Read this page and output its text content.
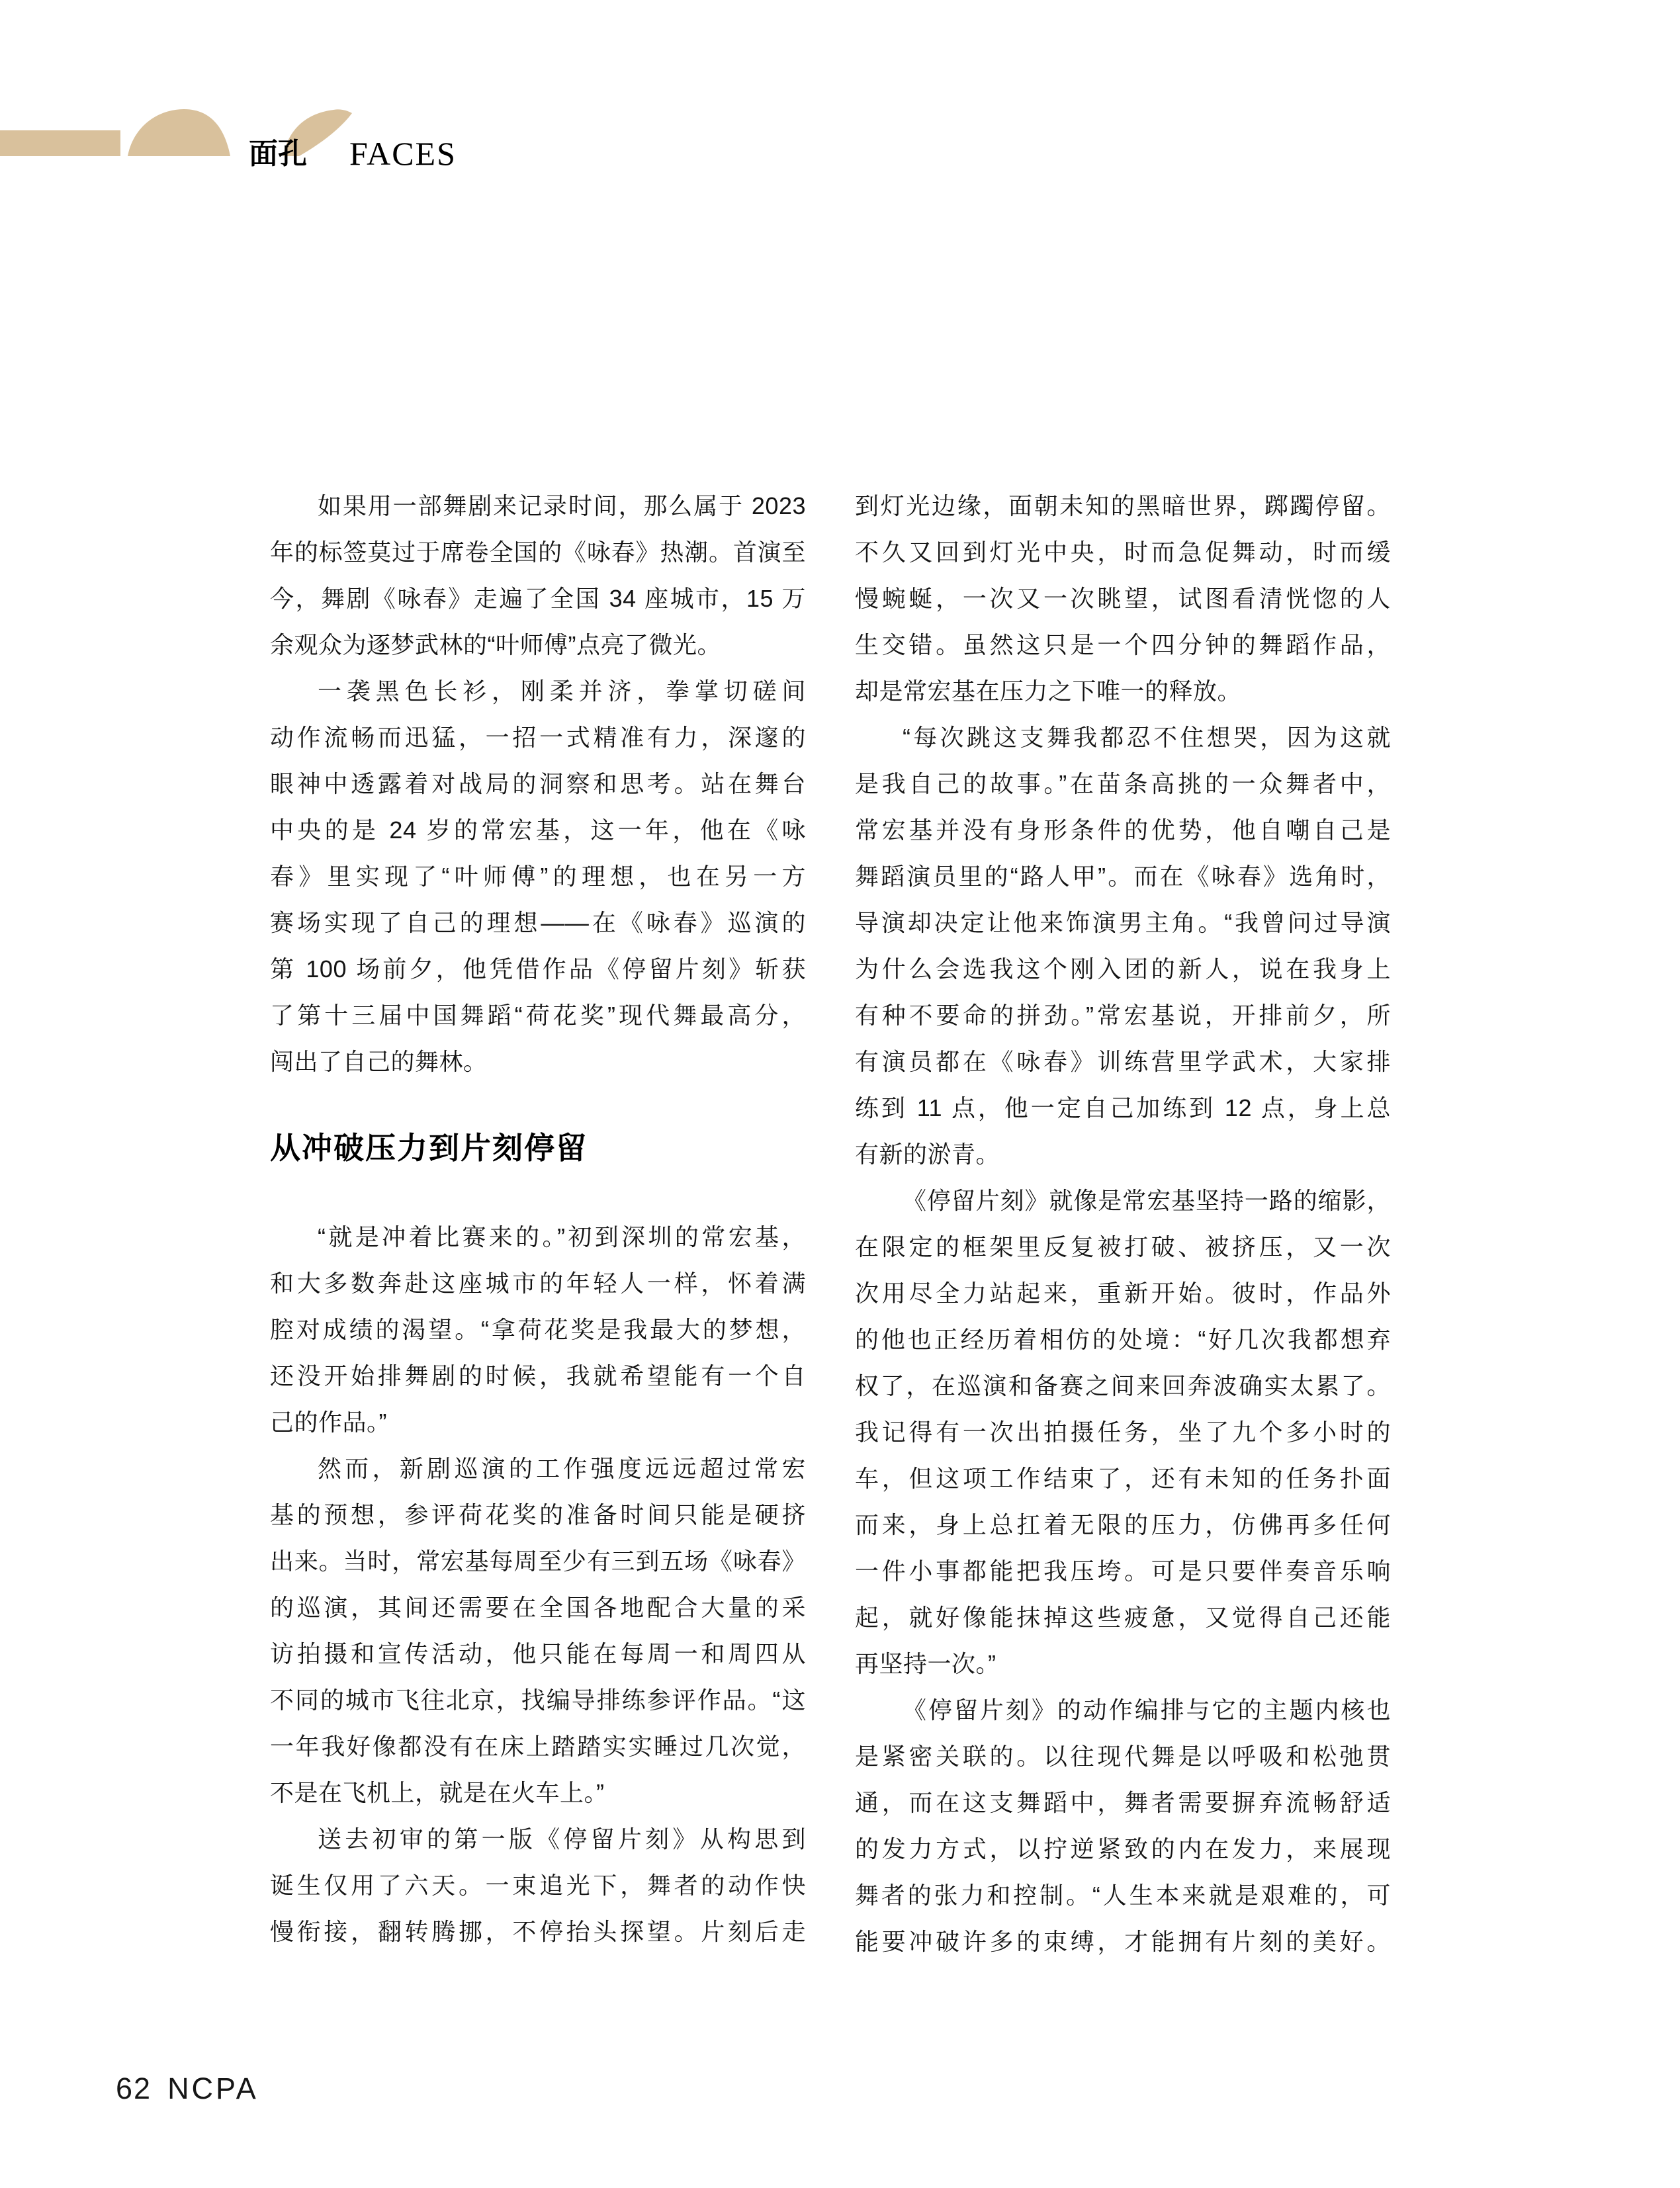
面孔 FACES
如果用一部舞剧来记录时间，那么属于 2023
年的标签莫过于席卷全国的《咏春》热潮。首演至
今，舞剧《咏春》走遍了全国 34 座城市，15 万
余观众为逐梦武林的“叶师傅”点亮了微光。
一袭黑色长衫，刚柔并济，拳掌切磋间
动作流畅而迅猛，一招一式精准有力，深邃的
眼神中透露着对战局的洞察和思考。站在舞台
中央的是 24 岁的常宏基，这一年，他在《咏
春》里实现了“叶师傅”的理想，也在另一方
赛场实现了自己的理想——在《咏春》巡演的
第 100 场前夕，他凭借作品《停留片刻》斩获
了第十三届中国舞蹈“荷花奖”现代舞最高分，
闯出了自己的舞林。
从冲破压力到片刻停留
“就是冲着比赛来的。”初到深圳的常宏基，
和大多数奔赴这座城市的年轻人一样，怀着满
腔对成绩的渴望。“拿荷花奖是我最大的梦想，
还没开始排舞剧的时候，我就希望能有一个自
己的作品。”
然而，新剧巡演的工作强度远远超过常宏
基的预想，参评荷花奖的准备时间只能是硬挤
出来。当时，常宏基每周至少有三到五场《咏春》
的巡演，其间还需要在全国各地配合大量的采
访拍摄和宣传活动，他只能在每周一和周四从
不同的城市飞往北京，找编导排练参评作品。“这
一年我好像都没有在床上踏踏实实睡过几次觉，
不是在飞机上，就是在火车上。”
送去初审的第一版《停留片刻》从构思到
诞生仅用了六天。一束追光下，舞者的动作快
慢衔接，翻转腾挪，不停抬头探望。片刻后走
到灯光边缘，面朝未知的黑暗世界，踯躅停留。
不久又回到灯光中央，时而急促舞动，时而缓
慢蜿蜒，一次又一次眺望，试图看清恍惚的人
生交错。虽然这只是一个四分钟的舞蹈作品，
却是常宏基在压力之下唯一的释放。
“每次跳这支舞我都忍不住想哭，因为这就
是我自己的故事。”在苗条高挑的一众舞者中，
常宏基并没有身形条件的优势，他自嘲自己是
舞蹈演员里的“路人甲”。而在《咏春》选角时，
导演却决定让他来饰演男主角。“我曾问过导演
为什么会选我这个刚入团的新人，说在我身上
有种不要命的拼劲。”常宏基说，开排前夕，所
有演员都在《咏春》训练营里学武术，大家排
练到 11 点，他一定自己加练到 12 点，身上总
有新的淤青。
《停留片刻》就像是常宏基坚持一路的缩影，
在限定的框架里反复被打破、被挤压，又一次
次用尽全力站起来，重新开始。彼时，作品外
的他也正经历着相仿的处境：“好几次我都想弃
权了，在巡演和备赛之间来回奔波确实太累了。
我记得有一次出拍摄任务，坐了九个多小时的
车，但这项工作结束了，还有未知的任务扑面
而来，身上总扛着无限的压力，仿佛再多任何
一件小事都能把我压垮。可是只要伴奏音乐响
起，就好像能抹掉这些疲惫，又觉得自己还能
再坚持一次。”
《停留片刻》的动作编排与它的主题内核也
是紧密关联的。以往现代舞是以呼吸和松弛贯
通，而在这支舞蹈中，舞者需要摒弃流畅舒适
的发力方式，以拧逆紧致的内在发力，来展现
舞者的张力和控制。“人生本来就是艰难的，可
能要冲破许多的束缚，才能拥有片刻的美好。
62 NCPA
